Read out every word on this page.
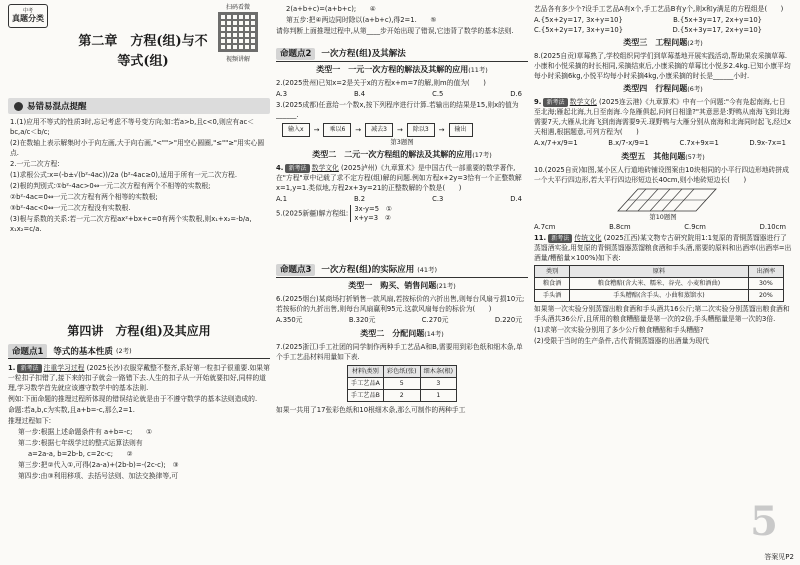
中考
真题分类
第二章　方程(组)与不等式(组)
扫码看微
视频讲解
易错易混点提醒
1.(1)应用不等式的性质3时,忘记考虑不等号变方向;如:若a>b,且c<0,则应有ac＜bc,a/c＜b/c;
(2)在数轴上表示解集时小于向左画,大于向右画,"<"">"用空心圆圈,"≤""≥"用实心圆点.
2.一元二次方程:
(1)求根公式:x=(-b±√(b²-4ac))/2a (b²-4ac≥0),适用于所有一元二次方程.
(2)根的判别式:①b²-4ac>0⇔一元二次方程有两个不相等的实数根;
②b²-4ac=0⇔一元二次方程有两个相等的实数根;
③b²-4ac<0⇔一元二次方程没有实数根.
(3)根与系数的关系:若一元二次方程ax²+bx+c=0有两个实数根,则x₁+x₂=-b/a, x₁x₂=c/a.
第四讲　方程(组)及其应用
命题点1	等式的基本性质 (2考)
1. 新考法 注重学习过程 (2025长沙)衣服穿戴整不整齐,系好第一粒扣子很重要.如果第一粒扣子扣错了,接下来的扣子就会一路错下去.人生的扣子从一开始就要扣好,同样的道理,学习数学首先就应该遵守数学中的基本法则.
例如:下面命题的推理过程所体现的错误结论就是由于不遵守数学的基本法则造成的.
命题:若a,b,c为实数,且a+b=-c,那么2=1.
推理过程如下:
第一步:根据上述命题条件有 a+b=-c;　　①
第二步:根据七年级学过的整式运算法则有
a=2a-a, b=2b-b, c=2c-c;　　②
第三步:把②代入①,可得(2a-a)+(2b-b)=-(2c-c);　③
第四步:由③利用移项、去括号法则、加法交换律等,可
2(a+b+c)=(a+b+c);　　④
第五步:把④两边同时除以(a+b+c),得2=1.　　⑤
请你判断上面推理过程中,从第____步开始出现了错误,它违背了数学的基本法则.
命题点2	一次方程(组)及其解法
类型一　一元一次方程的解法及其解的应用(11考)
2.(2025贵州)已知x=2是关于x的方程x+m=7的解,则m的值为(　　)
A.3	B.4	C.5	D.6
3.(2025成都)任意给一个数x,按下列程序进行计算.若输出的结果是15,则x的值为______.
输入x	→	乘以6	→	减去3	→	除以3	→	输出
第3题图
类型二　二元一次方程组的解法及其解的应用(17考)
4. 新考法 数学文化 (2025泸州)《九章算术》是中国古代一部重要的数学著作,在"方程"章中记载了求不定方程(组)解的问题.例如方程x+2y=3恰有一个正整数解x=1,y=1.类似地,方程2x+3y=21的正整数解的个数是(　　)
A.1	B.2	C.3	D.4
5.(2025新疆)解方程组: 3x-y=5　①
x+y=3　②
命题点3	一次方程(组)的实际应用 (41考)
类型一　购买、销售问题(21考)
6.(2025烟台)某商场打折销售一款风扇,若按标价的六折出售,则每台风扇亏损10元;若按标价的九折出售,则每台风扇赢利95元.这款风扇每台的标价为(　　)
A.350元	B.320元	C.270元	D.220元
类型二　分配问题(14考)
7.(2025浙江)手工社团的同学制作两种手工艺品A和B,需要用到彩色纸和细木条,单个手工艺品材料用量如下表.
材料\类别	彩色纸(张)	细木条(根)
手工艺品A	5	3
手工艺品B	2	1
如果一共用了17张彩色纸和10根细木条,那么可制作的两种手工
艺品各有多少个?设手工艺品A有x个,手工艺品B有y个,则x和y满足的方程组是(　　)
A.{5x+2y=17, 3x+y=10}	B.{5x+3y=17, 2x+y=10}
C.{5x+2y=17, 3x+y=10}	D.{5x+3y=17, 2x+y=10}
类型三　工程问题(2考)
8.(2025自贡)草莓熟了,学校组织同学们到草莓基地开展实践活动,帮助果农采摘草莓.小康和小悦采摘的时长相同,采摘结束后,小康采摘的草莓比小悦多2.4kg.已知小康平均每小时采摘6kg,小悦平均每小时采摘4kg,小康采摘的时长是______小时.
类型四　行程问题(6考)
9. 新考法 数学文化 (2025连云港)《九章算术》中有一个问题:"今有凫起南海,七日至北海;雁起北海,九日至南海.今凫雁俱起,问何日相逢?"其意思是:野鸭从南海飞到北海需要7天,大雁从北海飞到南海需要9天.现野鸭与大雁分别从南海和北海同时起飞,经过x天相遇,根据题意,可列方程为(　　)
A.x/7+x/9=1	B.x/7-x/9=1	C.7x+9x=1	D.9x-7x=1
类型五　其他问题(57考)
10.(2025自贡)如图,某小区人行道地砖铺设图案由10块相同的小平行四边形地砖拼成一个大平行四边形,若大平行四边形短边长40cm,则小地砖短边长(　　)
第10题图
A.7cm	B.8cm	C.9cm	D.10cm
11. 新考法 传统文化 (2025江西)某文物专古研究院用1:1复原的青铜蒸馏器进行了蒸馏酒实验,用复原的青铜蒸馏器蒸馏粮食酒和手头酒,需要的原料和出酒率(出酒率=出酒量/糟醅量×100%)如下表:
类别	原料	出酒率
粮食酒	粮食糟醅(含大米、糯米、谷壳、小麦和酒曲)	30%
手头酒	手头糟醅(含手头、小曲和蒸馏水)	20%
如果第一次实验分别蒸馏出粮食酒和手头酒共16公斤;第二次实验分别蒸馏出粮食酒和手头酒共36公斤,且所用的粮食糟醅量是第一次的2倍,手头糟醅量是第一次的3倍.
(1)求第一次实验分别用了多少公斤粮食糟醅和手头糟醅?
(2)受限于当时的生产条件,古代青铜蒸馏器的出酒量为现代
5
答案见P2
